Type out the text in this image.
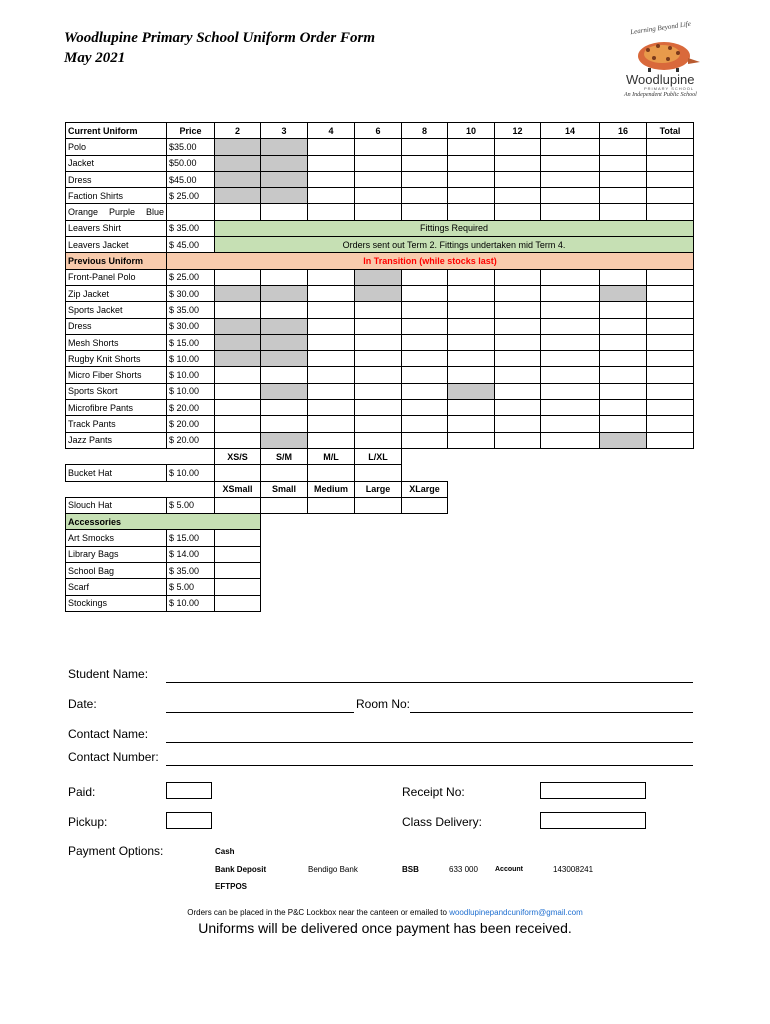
Woodlupine Primary School Uniform Order Form
May 2021
Learning Beyond Life
Woodlupine
PRIMARY SCHOOL
An Independent Public School
Current Uniform	Price	2	3	4	6	8	10	12	14	16	Total
Polo	$35.00										
Jacket	$50.00										
Dress	$45.00										
Faction Shirts	$ 25.00										
Orange Purple Blue											
Leavers Shirt	$ 35.00	Fittings Required									
Leavers Jacket	$ 45.00	Orders sent out Term 2. Fittings undertaken mid Term 4.									
Previous Uniform	In Transition (while stocks last)										
Front-Panel Polo	$ 25.00										
Zip Jacket	$ 30.00										
Sports Jacket	$ 35.00										
Dress	$ 30.00										
Mesh Shorts	$ 15.00										
Rugby Knit Shorts	$ 10.00										
Micro Fiber Shorts	$ 10.00										
Sports Skort	$ 10.00										
Microfibre Pants	$ 20.00										
Track Pants	$ 20.00										
Jazz Pants	$ 20.00										
		XS/S	S/M	M/L	L/XL						
Bucket Hat	$ 10.00										
		XSmall	Small	Medium	Large	XLarge					
Slouch Hat	$ 5.00										
Accessories											
Art Smocks	$ 15.00										
Library Bags	$ 14.00										
School Bag	$ 35.00										
Scarf	$ 5.00										
Stockings	$ 10.00										
Student Name:
Date:	Room No:
Contact Name:
Contact Number:
Paid:	Receipt No:
Pickup:	Class Delivery:
Payment Options:	Cash
Bank Deposit	Bendigo Bank	BSB	633 000 Account	143008241
EFTPOS
Orders can be placed in the P&C Lockbox near the canteen or emailed to woodlupinepandcuniform@gmail.com
Uniforms will be delivered once payment has been received.
